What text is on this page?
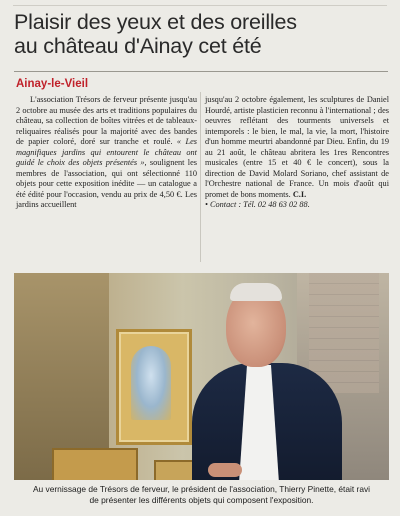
Plaisir des yeux et des oreilles
au château d'Ainay cet été
Ainay-le-Vieil

L'association Trésors de ferveur présente jusqu'au 2 octobre au musée des arts et traditions populaires du château, sa collection de boîtes vitrées et de tableaux-reliquaires réalisés pour la majorité avec des bandes de papier coloré, doré sur tranche et roulé. « Les magnifiques jardins qui entourent le château ont guidé le choix des objets présentés », soulignent les membres de l'association, qui ont sélectionné 110 objets pour cette exposition inédite — un catalogue a été édité pour l'occasion, vendu au prix de 4,50 €. Les jardins accueillent

jusqu'au 2 octobre également, les sculptures de Daniel Hourdé, artiste plasticien reconnu à l'international ; des oeuvres reflétant des tourments universels et intemporels : le bien, le mal, la vie, la mort, l'histoire d'un homme meurtri abandonné par Dieu. Enfin, du 19 au 21 août, le château abritera les 1res Rencontres musicales (entre 15 et 40 € le concert), sous la direction de David Molard Soriano, chef assistant de l'Orchestre national de France. Un mois d'août qui promet de bons moments. C.I.

• Contact : Tél. 02 48 63 02 88.

Au vernissage de Trésors de ferveur, le président de l'association, Thierry Pinette, était ravi
de présenter les différents objets qui composent l'exposition.
